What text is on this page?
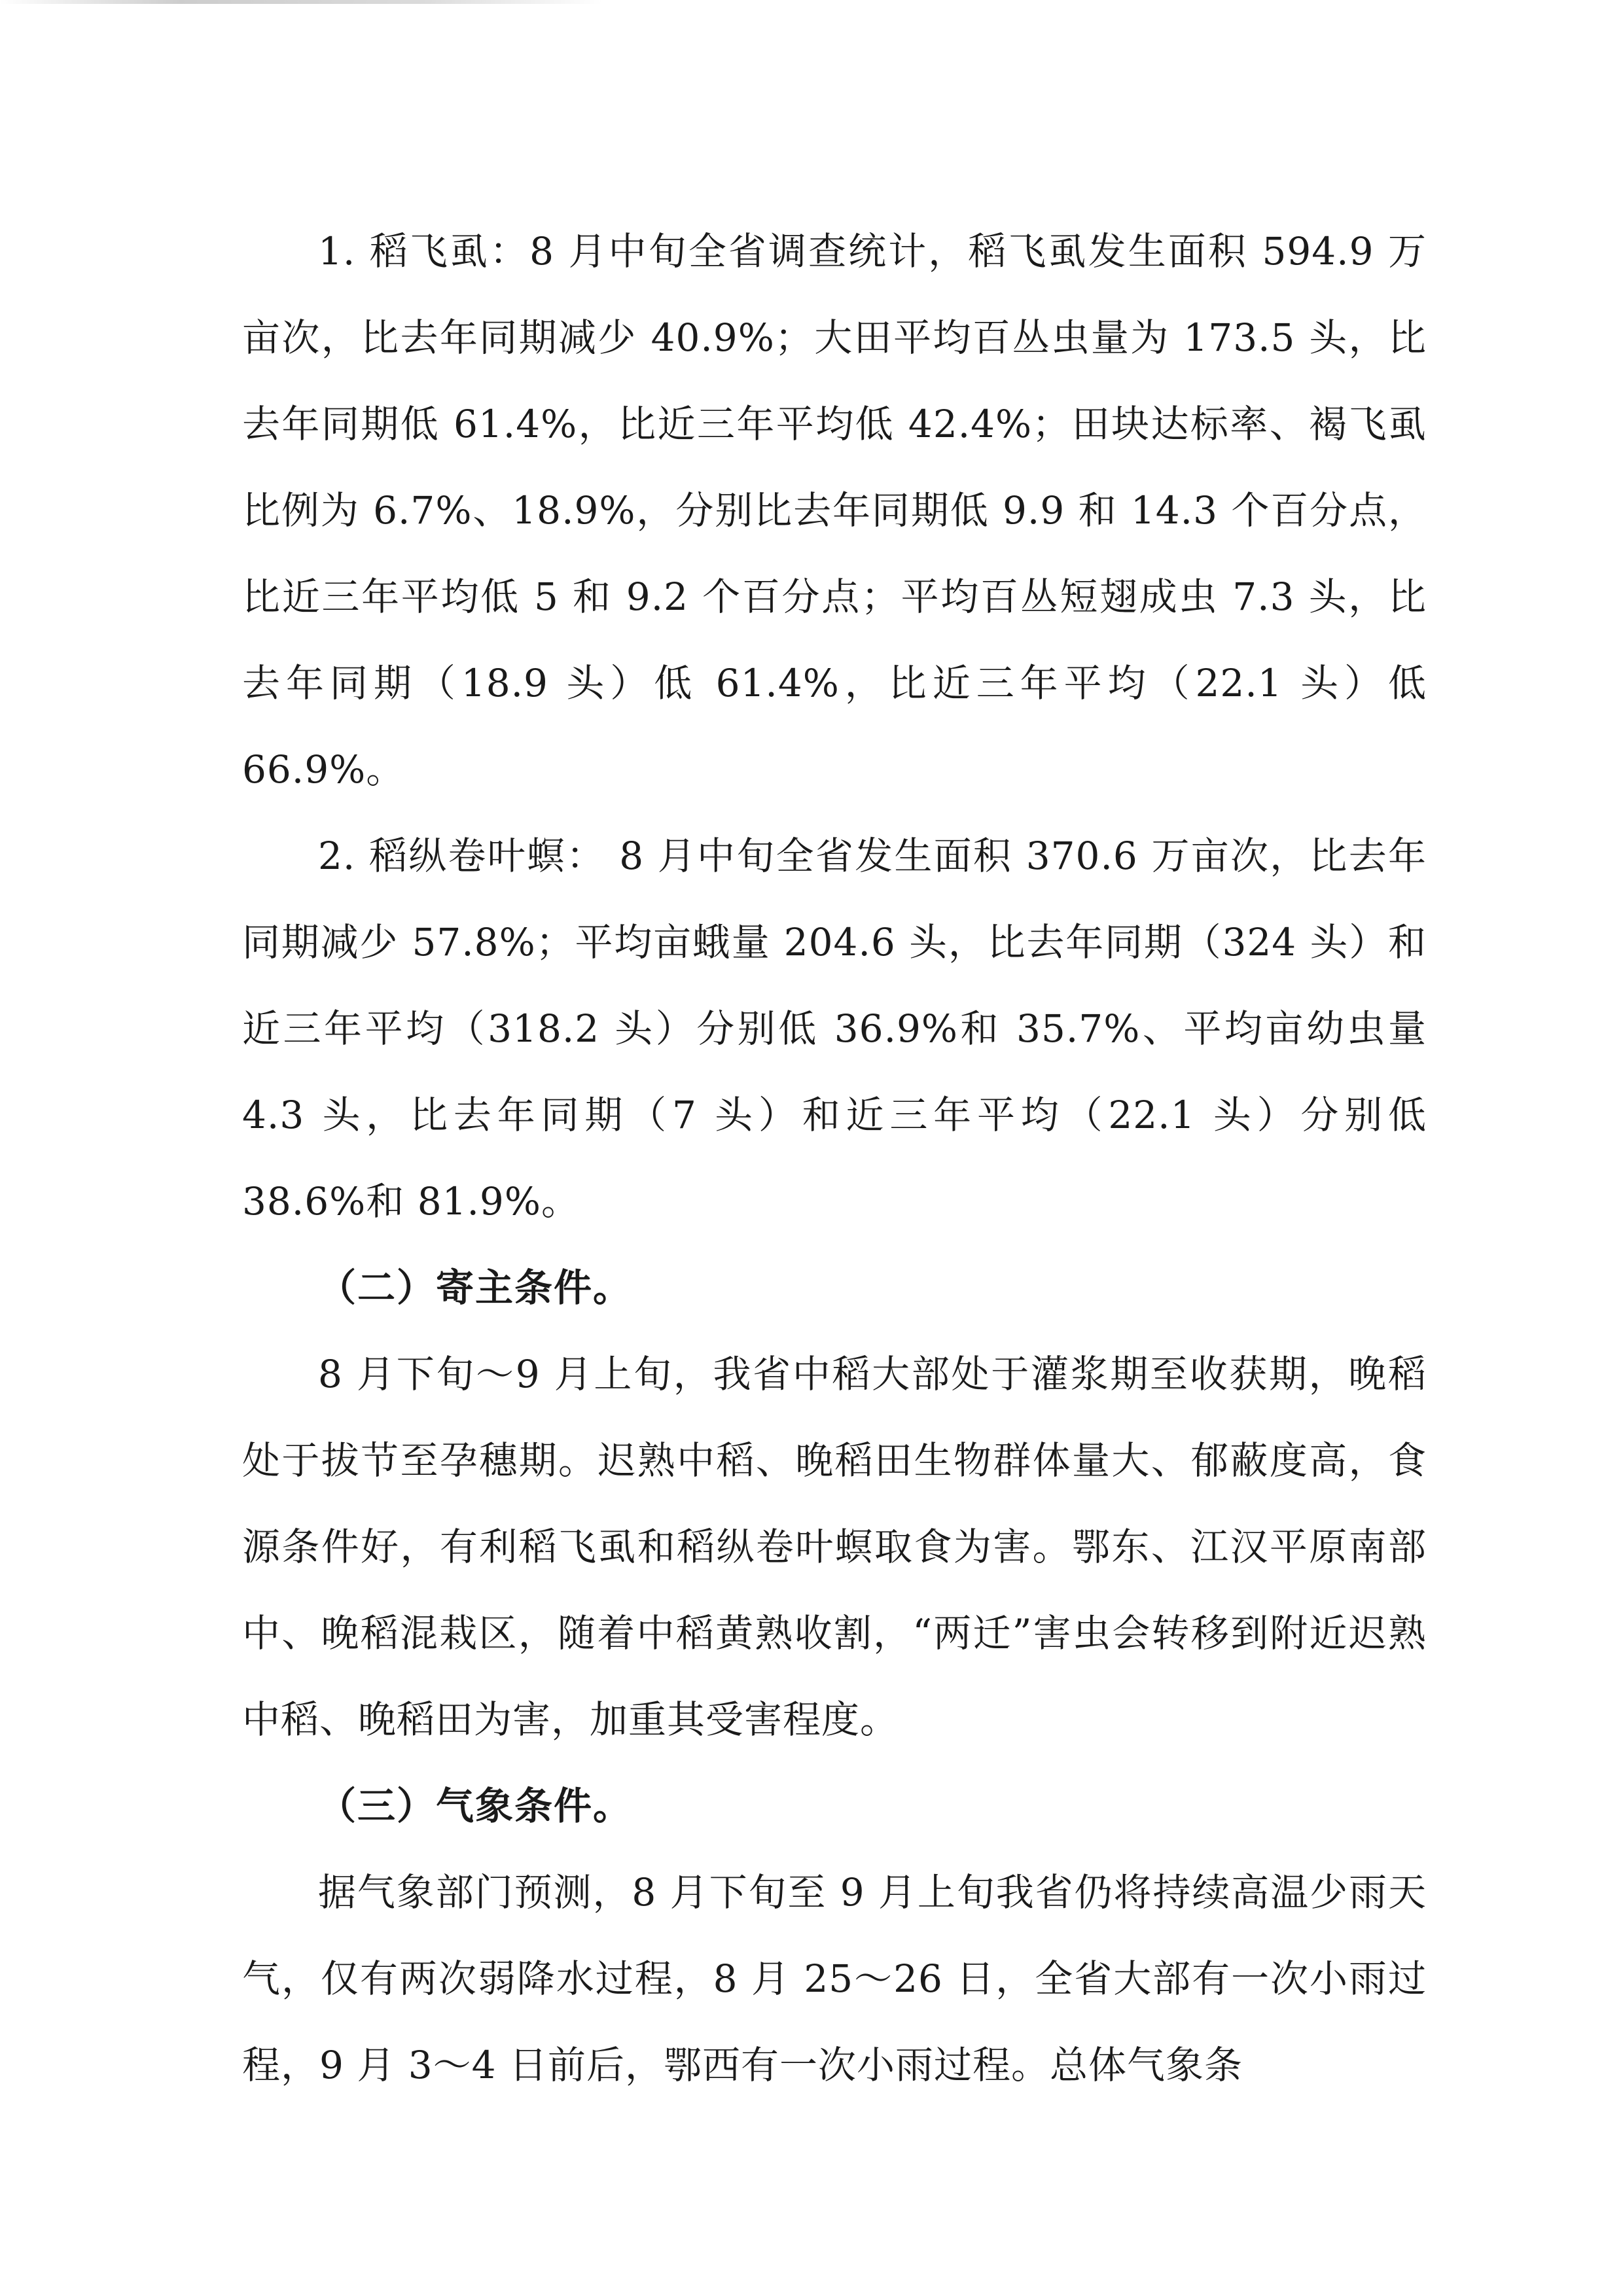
1. 稻飞虱：8 月中旬全省调查统计，稻飞虱发生面积 594.9 万亩次，比去年同期减少 40.9%；大田平均百丛虫量为 173.5 头，比去年同期低 61.4%，比近三年平均低 42.4%；田块达标率、褐飞虱比例为 6.7%、18.9%，分别比去年同期低 9.9 和 14.3 个百分点，比近三年平均低 5 和 9.2 个百分点；平均百丛短翅成虫 7.3 头，比去年同期（18.9 头）低 61.4%，比近三年平均（22.1 头）低 66.9%。

2. 稻纵卷叶螟： 8 月中旬全省发生面积 370.6 万亩次，比去年同期减少 57.8%；平均亩蛾量 204.6 头，比去年同期（324 头）和近三年平均（318.2 头）分别低 36.9%和 35.7%、平均亩幼虫量 4.3 头，比去年同期（7 头）和近三年平均（22.1 头）分别低 38.6%和 81.9%。

（二）寄主条件。

8 月下旬～9 月上旬，我省中稻大部处于灌浆期至收获期，晚稻处于拔节至孕穗期。迟熟中稻、晚稻田生物群体量大、郁蔽度高，食源条件好，有利稻飞虱和稻纵卷叶螟取食为害。鄂东、江汉平原南部中、晚稻混栽区，随着中稻黄熟收割，“两迁”害虫会转移到附近迟熟中稻、晚稻田为害，加重其受害程度。

（三）气象条件。

据气象部门预测，8 月下旬至 9 月上旬我省仍将持续高温少雨天气，仅有两次弱降水过程，8 月 25～26 日，全省大部有一次小雨过程，9 月 3～4 日前后，鄂西有一次小雨过程。总体气象条
